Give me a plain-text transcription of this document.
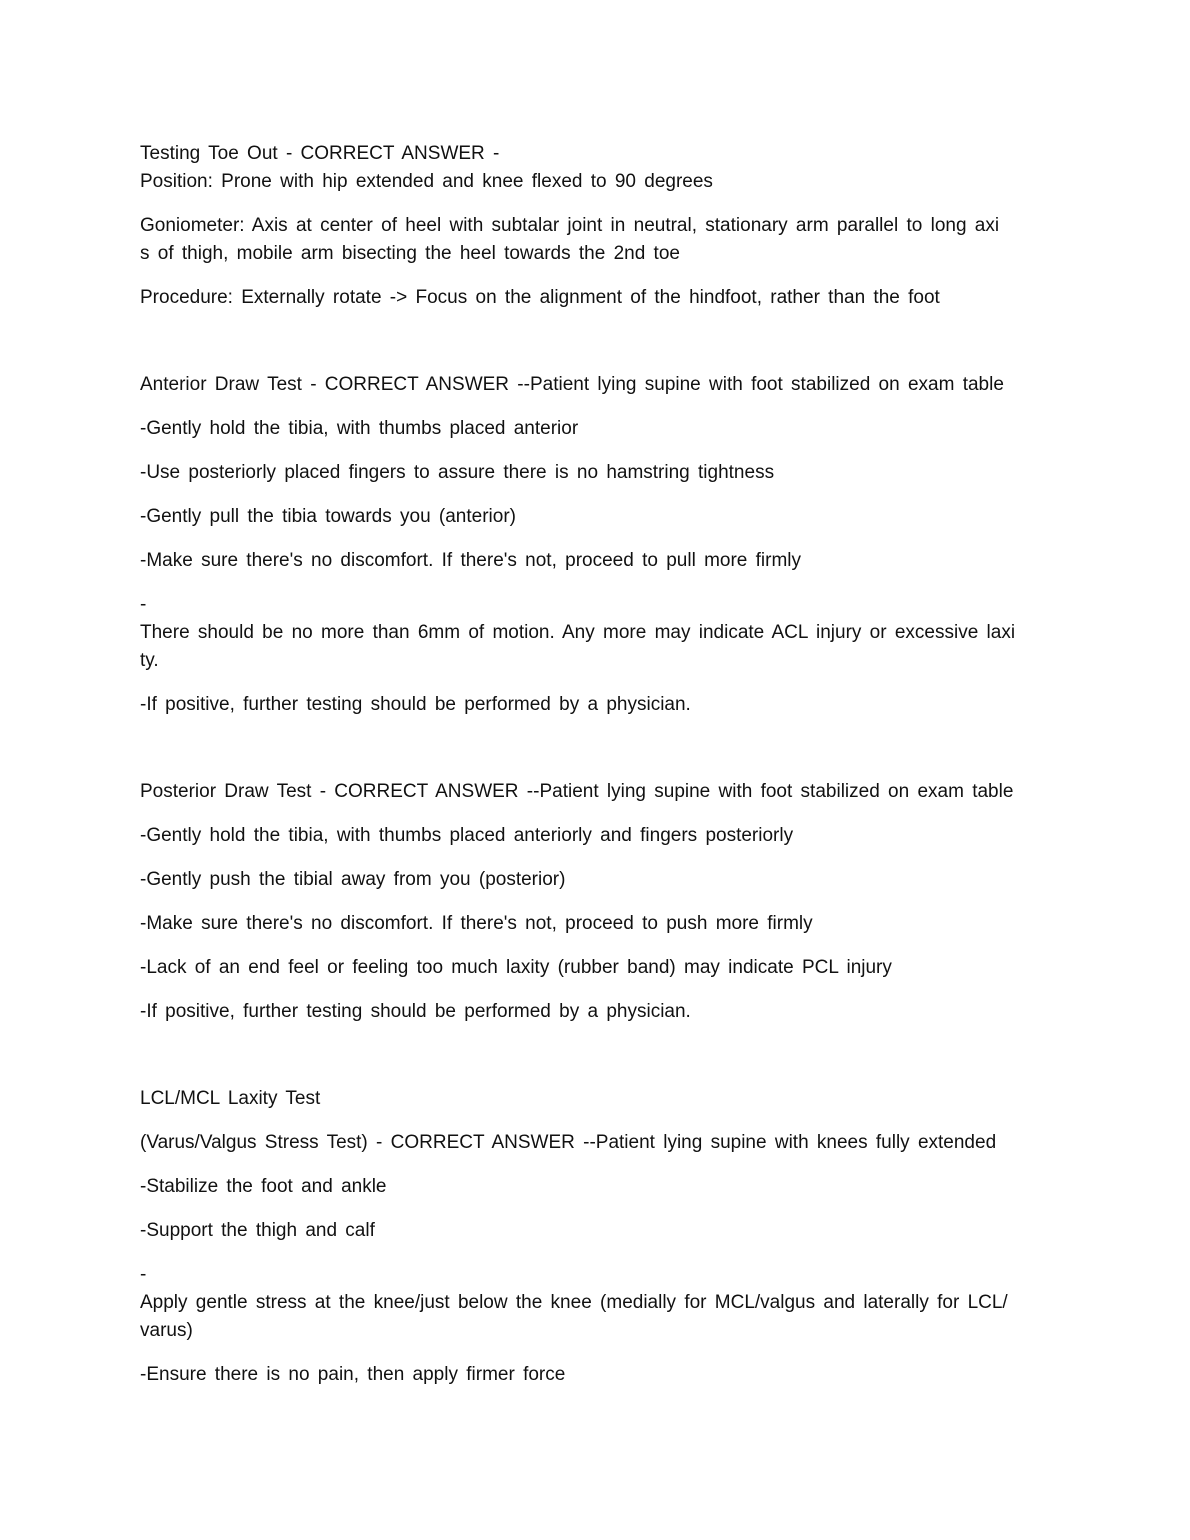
Testing Toe Out - CORRECT ANSWER -

Position: Prone with hip extended and knee flexed to 90 degrees

Goniometer: Axis at center of heel with subtalar joint in neutral, stationary arm parallel to long axi

s of thigh, mobile arm bisecting the heel towards the 2nd toe

Procedure: Externally rotate -> Focus on the alignment of the hindfoot, rather than the foot

Anterior Draw Test - CORRECT ANSWER --Patient lying supine with foot stabilized on exam table

-Gently hold the tibia, with thumbs placed anterior

-Use posteriorly placed fingers to assure there is no hamstring tightness

-Gently pull the tibia towards you (anterior)

-Make sure there's no discomfort. If there's not, proceed to pull more firmly

-

There should be no more than 6mm of motion. Any more may indicate ACL injury or excessive laxi

ty.

-If positive, further testing should be performed by a physician.

Posterior Draw Test - CORRECT ANSWER --Patient lying supine with foot stabilized on exam table

-Gently hold the tibia, with thumbs placed anteriorly and fingers posteriorly

-Gently push the tibial away from you (posterior)

-Make sure there's no discomfort. If there's not, proceed to push more firmly

-Lack of an end feel or feeling too much laxity (rubber band) may indicate PCL injury

-If positive, further testing should be performed by a physician.

LCL/MCL Laxity Test

(Varus/Valgus Stress Test) - CORRECT ANSWER --Patient lying supine with knees fully extended

-Stabilize the foot and ankle

-Support the thigh and calf

-

Apply gentle stress at the knee/just below the knee (medially for MCL/valgus and laterally for LCL/

varus)

-Ensure there is no pain, then apply firmer force
